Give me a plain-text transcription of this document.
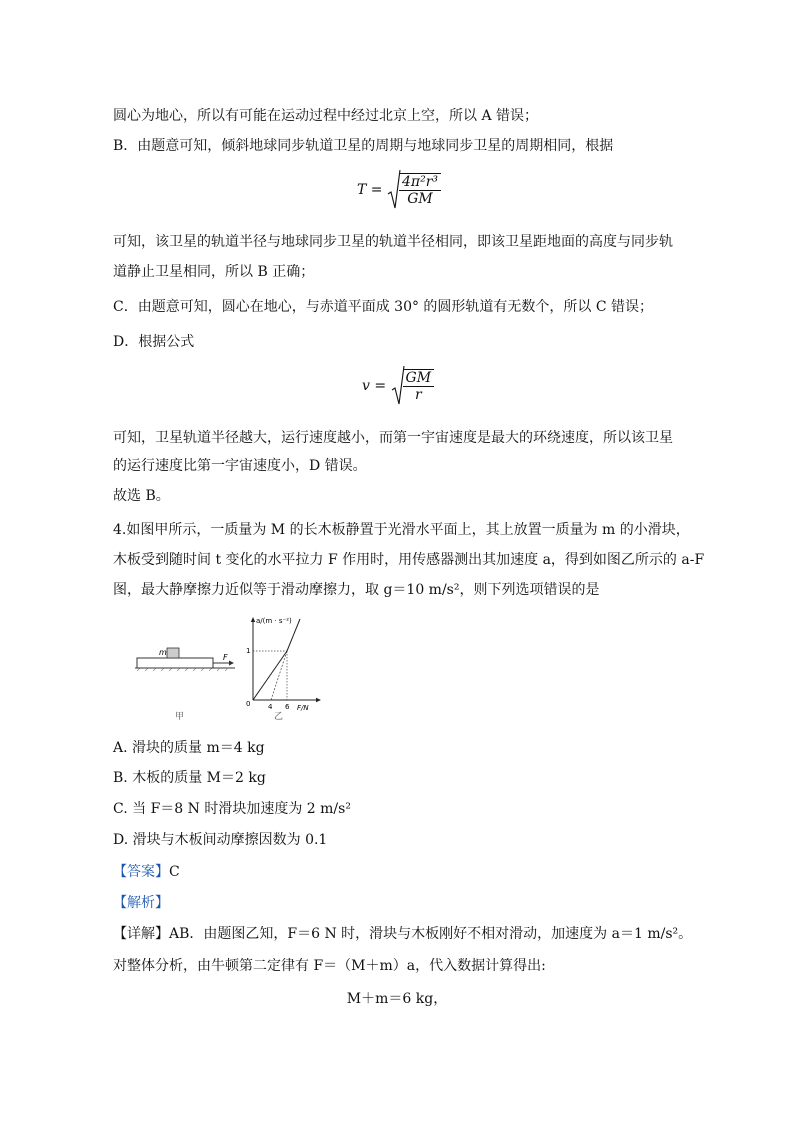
圆心为地心，所以有可能在运动过程中经过北京上空，所以 A 错误；
B．由题意可知，倾斜地球同步轨道卫星的周期与地球同步卫星的周期相同，根据
$T = \frac{\text{4π²r³}}{GM}$
可知，该卫星的轨道半径与地球同步卫星的轨道半径相同，即该卫星距地面的高度与同步轨
道静止卫星相同，所以 B 正确；
C．由题意可知，圆心在地心，与赤道平面成 30° 的圆形轨道有无数个，所以 C 错误；
D．根据公式
$v = \frac{GM}{r}$
可知，卫星轨道半径越大，运行速度越小，而第一宇宙速度是最大的环绕速度，所以该卫星
的运行速度比第一宇宙速度小，D 错误。
故选 B。
4.如图甲所示，一质量为 M 的长木板静置于光滑水平面上，其上放置一质量为 m 的小滑块，
木板受到随时间 t 变化的水平拉力 F 作用时，用传感器测出其加速度 a，得到如图乙所示的 a-F
图，最大静摩擦力近似等于滑动摩擦力，取 g＝10 m/s²，则下列选项错误的是
m
F
甲
a/(m · s⁻²)
F/N
0
1
4 6
乙
A. 滑块的质量 m＝4 kg
B. 木板的质量 M＝2 kg
C. 当 F＝8 N 时滑块加速度为 2 m/s²
D. 滑块与木板间动摩擦因数为 0.1
【答案】C
【解析】
【详解】AB．由题图乙知，F＝6 N 时，滑块与木板刚好不相对滑动，加速度为 a＝1 m/s²。
对整体分析，由牛顿第二定律有 F＝（M＋m）a，代入数据计算得出:
M＋m＝6 kg，
